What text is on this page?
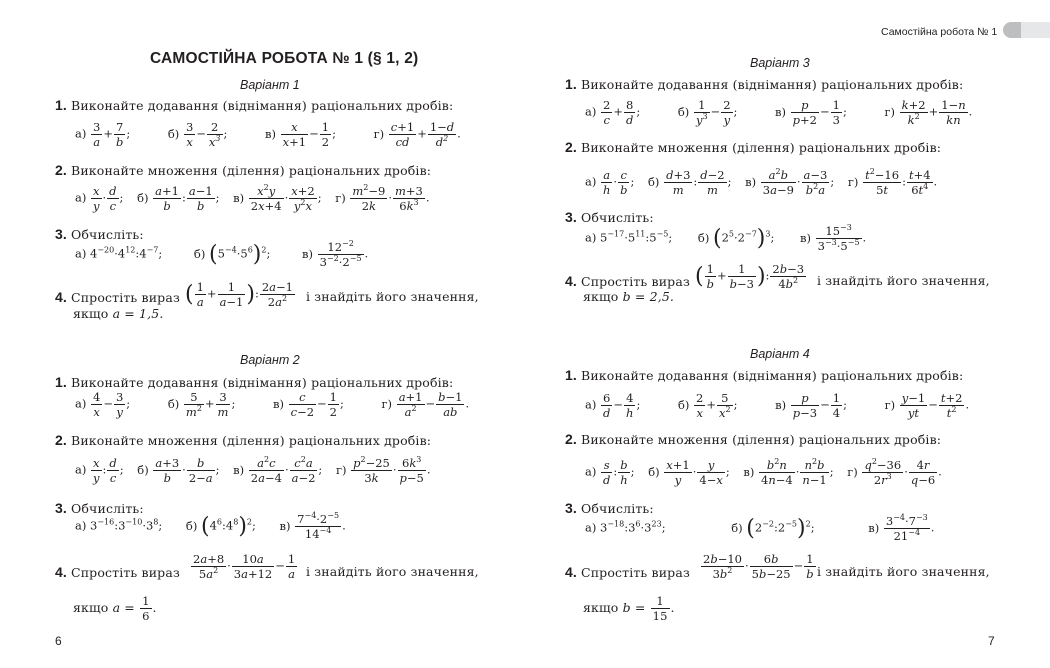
САМОСТІЙНА РОБОТА № 1 (§ 1, 2)
Варіант 1
1. Виконайте додавання (віднімання) раціональних дробів:
$а) \frac{3}{a} + \frac{7}{b}$ ;	$б) \frac{3}{x} - \frac{2}{x^3}$ ;	$в) \frac{x}{x+1} - \frac{1}{2}$ ;	$г) \frac{c+1}{cd} + \frac{1-d}{d^2}$ .
2. Виконайте множення (ділення) раціональних дробів:
$а) \frac{x}{y} \cdot \frac{d}{c}$ ; $б) \frac{a+1}{b}$ : $\frac{a-1}{b}$ ; $в) \frac{x^2y}{2x+4} \cdot \frac{x+2}{y^2x}$ ; $г) \frac{m^2-9}{2k} \cdot \frac{m+3}{6k^3}$ .
3. Обчисліть:
а) $4^{-20}\cdot 4^{12}:4^{-7}$; б) $(5^{-4}\cdot 5^6)^2$; $в) \frac{12^{-2}}{3^{-2}\cdot 2^{-5}}$ .
4. Спростіть вираз ( $\frac{1}{a} + \frac{1}{a-1}$ ): $\frac{2a-1}{2a^2}$ і знайдіть його значення,
якщо a = 1,5.
Варіант 2
1. Виконайте додавання (віднімання) раціональних дробів:
$а) \frac{4}{x} - \frac{3}{y}$ ;	$б) \frac{5}{m^2} + \frac{3}{m}$ ;	$в) \frac{c}{c-2} - \frac{1}{2}$ ;	$г) \frac{a+1}{a^2} - \frac{b-1}{ab}$ .
2. Виконайте множення (ділення) раціональних дробів:
$а) \frac{x}{y}$ : $\frac{d}{c}$ ; $б) \frac{a+3}{b} \cdot \frac{b}{2-a}$ ; $в) \frac{a^2c}{2a-4} \cdot \frac{c^2a}{a-2}$ ; $г) \frac{p^2-25}{3k} \cdot \frac{6k^3}{p-5}$ .
3. Обчисліть:
а) $3^{-16}:3^{-10}\cdot 3^8$; б) $(4^6:4^8)^2$; $в) \frac{7^{-4}\cdot 2^{-5}}{14^{-4}}$ .
4. Спростіть вираз $\frac{2a+8}{5a^2} \cdot \frac{10a}{3a+12} - \frac{1}{a}$ і знайдіть його значення,
якщо $a = \frac{1}{6}$ .
6
Самостійна робота № 1
Варіант 3
1. Виконайте додавання (віднімання) раціональних дробів:
$а) \frac{2}{c} + \frac{8}{d}$ ;	$б) \frac{1}{y^3} - \frac{2}{y}$ ;	$в) \frac{p}{p+2} - \frac{1}{3}$ ;	$г) \frac{k+2}{k^2} + \frac{1-n}{kn}$ .
2. Виконайте множення (ділення) раціональних дробів:
$а) \frac{a}{h} \cdot \frac{c}{b}$ ; $б) \frac{d+3}{m}$ : $\frac{d-2}{m}$ ; $в) \frac{a^2b}{3a-9} \cdot \frac{a-3}{b^2a}$ ; $г) \frac{t^2-16}{5t}$ : $\frac{t+4}{6t^4}$ .
3. Обчисліть:
а) $5^{-17}\cdot 5^{11}:5^{-5}$; б) $(2^5\cdot 2^{-7})^3$; $в) \frac{15^{-3}}{3^{-3}\cdot 5^{-5}}$ .
4. Спростіть вираз ( $\frac{1}{b} + \frac{1}{b-3}$ ): $\frac{2b-3}{4b^2}$ і знайдіть його значення,
якщо b = 2,5.
Варіант 4
1. Виконайте додавання (віднімання) раціональних дробів:
$а) \frac{6}{d} - \frac{4}{h}$ ;	$б) \frac{2}{x} + \frac{5}{x^2}$ ;	$в) \frac{p}{p-3} - \frac{1}{4}$ ;	$г) \frac{y-1}{yt} - \frac{t+2}{t^2}$ .
2. Виконайте множення (ділення) раціональних дробів:
$а) \frac{s}{d}$ : $\frac{b}{h}$ ; $б) \frac{x+1}{y} \cdot \frac{y}{4-x}$ ; $в) \frac{b^2n}{4n-4} \cdot \frac{n^2b}{n-1}$ ; $г) \frac{q^2-36}{2r^3} \cdot \frac{4r}{q-6}$ .
3. Обчисліть:
а) $3^{-18}:3^6\cdot 3^{23}$;	б) $(2^{-2}:2^{-5})^2$;	$в) \frac{3^{-4}\cdot 7^{-3}}{21^{-4}}$ .
4. Спростіть вираз $\frac{2b-10}{3b^2} \cdot \frac{6b}{5b-25} - \frac{1}{b}$ і знайдіть його значення,
якщо $b = \frac{1}{15}$ .
7
